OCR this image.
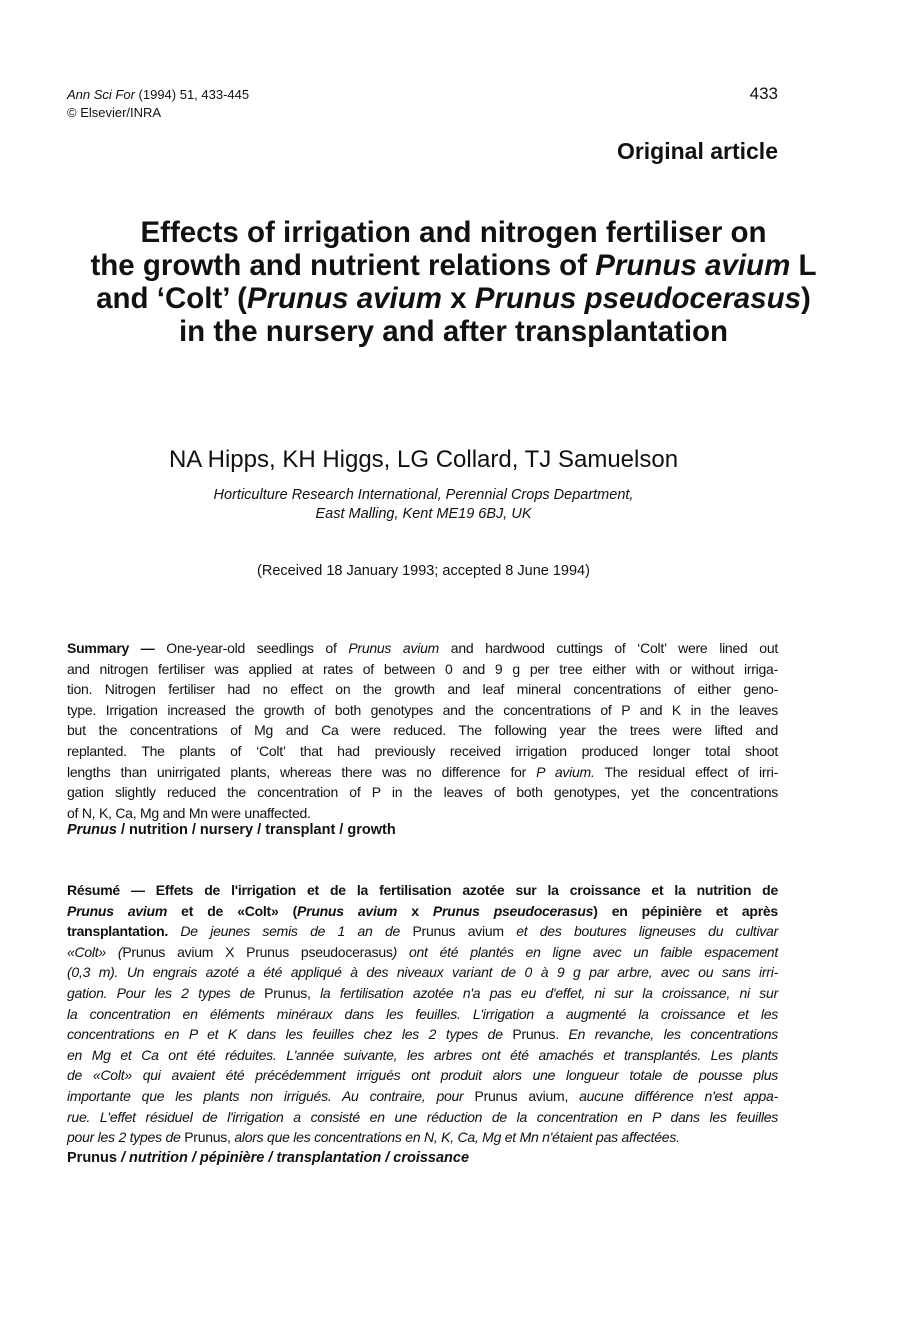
Ann Sci For (1994) 51, 433-445
© Elsevier/INRA
433
Original article
Effects of irrigation and nitrogen fertiliser on
the growth and nutrient relations of Prunus avium L
and ‘Colt’ (Prunus avium x Prunus pseudocerasus)
in the nursery and after transplantation
NA Hipps, KH Higgs, LG Collard, TJ Samuelson
Horticulture Research International, Perennial Crops Department,
East Malling, Kent ME19 6BJ, UK
(Received 18 January 1993; accepted 8 June 1994)
Summary — One-year-old seedlings of Prunus avium and hardwood cuttings of ‘Colt’ were lined out
and nitrogen fertiliser was applied at rates of between 0 and 9 g per tree either with or without irriga-
tion. Nitrogen fertiliser had no effect on the growth and leaf mineral concentrations of either geno-
type. Irrigation increased the growth of both genotypes and the concentrations of P and K in the leaves
but the concentrations of Mg and Ca were reduced. The following year the trees were lifted and
replanted. The plants of ‘Colt’ that had previously received irrigation produced longer total shoot
lengths than unirrigated plants, whereas there was no difference for P avium. The residual effect of irri-
gation slightly reduced the concentration of P in the leaves of both genotypes, yet the concentrations
of N, K, Ca, Mg and Mn were unaffected.
Prunus / nutrition / nursery / transplant / growth
Résumé — Effets de l'irrigation et de la fertilisation azotée sur la croissance et la nutrition de
Prunus avium et de «Colt» (Prunus avium x Prunus pseudocerasus) en pépinière et après
transplantation. De jeunes semis de 1 an de Prunus avium et des boutures ligneuses du cultivar
«Colt» (Prunus avium X Prunus pseudocerasus) ont été plantés en ligne avec un faible espacement
(0,3 m). Un engrais azoté a été appliqué à des niveaux variant de 0 à 9 g par arbre, avec ou sans irri-
gation. Pour les 2 types de Prunus, la fertilisation azotée n'a pas eu d'effet, ni sur la croissance, ni sur
la concentration en éléments minéraux dans les feuilles. L'irrigation a augmenté la croissance et les
concentrations en P et K dans les feuilles chez les 2 types de Prunus. En revanche, les concentrations
en Mg et Ca ont été réduites. L'année suivante, les arbres ont été amachés et transplantés. Les plants
de «Colt» qui avaient été précédemment irrigués ont produit alors une longueur totale de pousse plus
importante que les plants non irrigués. Au contraire, pour Prunus avium, aucune différence n'est appa-
rue. L'effet résiduel de l'irrigation a consisté en une réduction de la concentration en P dans les feuilles
pour les 2 types de Prunus, alors que les concentrations en N, K, Ca, Mg et Mn n'étaient pas affectées.
Prunus / nutrition / pépinière / transplantation / croissance
